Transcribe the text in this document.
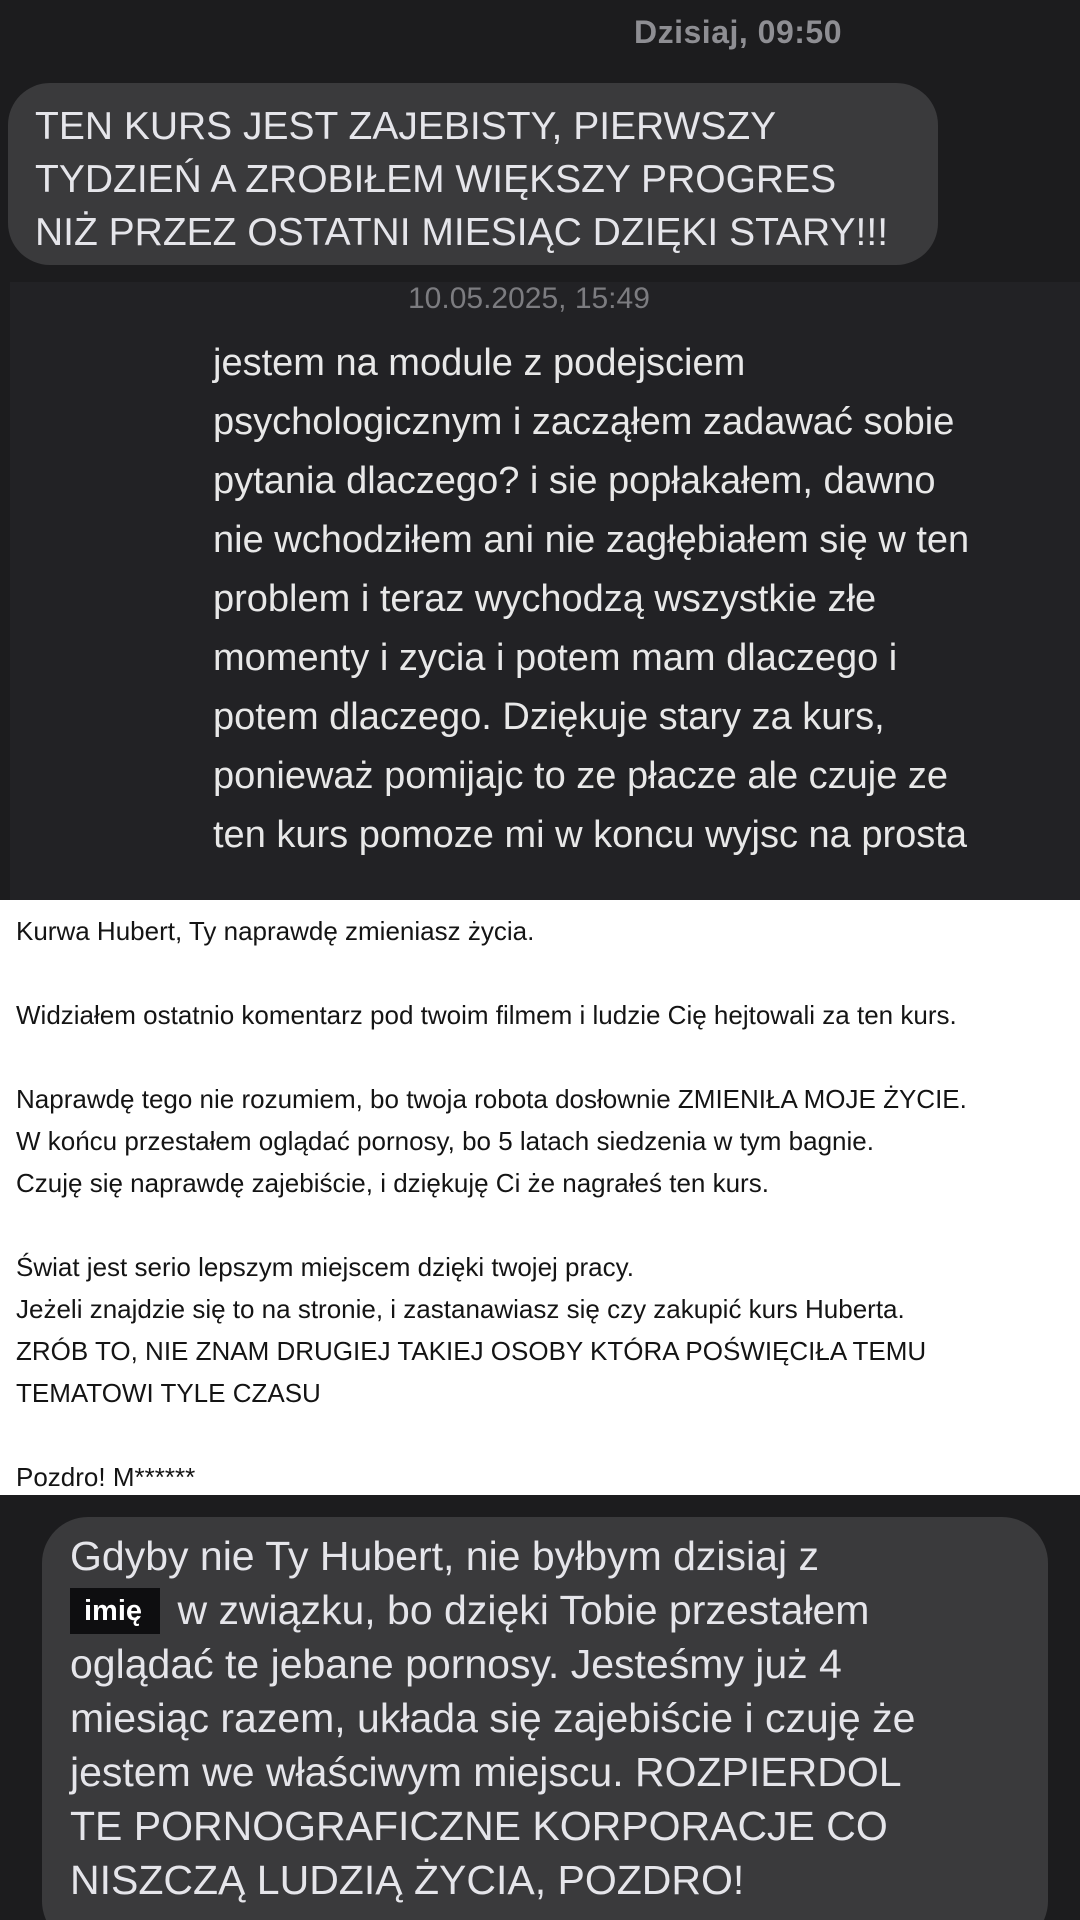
Dzisiaj, 09:50
TEN KURS JEST ZAJEBISTY, PIERWSZY
TYDZIEŃ A ZROBIŁEM WIĘKSZY PROGRES
NIŻ PRZEZ OSTATNI MIESIĄC DZIĘKI STARY!!!
10.05.2025, 15:49
jestem na module z podejsciem
psychologicznym i zacząłem zadawać sobie
pytania dlaczego? i sie popłakałem, dawno
nie wchodziłem ani nie zagłębiałem się w ten
problem i teraz wychodzą wszystkie złe
momenty i zycia i potem mam dlaczego i
potem dlaczego. Dziękuje stary za kurs,
ponieważ pomijajc to ze płacze ale czuje ze
ten kurs pomoze mi w koncu wyjsc na prosta
Kurwa Hubert, Ty naprawdę zmieniasz życia.

Widziałem ostatnio komentarz pod twoim filmem i ludzie Cię hejtowali za ten kurs.

Naprawdę tego nie rozumiem, bo twoja robota dosłownie ZMIENIŁA MOJE ŻYCIE.
W końcu przestałem oglądać pornosy, bo 5 latach siedzenia w tym bagnie.
Czuję się naprawdę zajebiście, i dziękuję Ci że nagrałeś ten kurs.

Świat jest serio lepszym miejscem dzięki twojej pracy.
Jeżeli znajdzie się to na stronie, i zastanawiasz się czy zakupić kurs Huberta.
ZRÓB TO, NIE ZNAM DRUGIEJ TAKIEJ OSOBY KTÓRA POŚWIĘCIŁA TEMU
TEMATOWI TYLE CZASU

Pozdro! M******
Gdyby nie Ty Hubert, nie byłbym dzisiaj z
imię w związku, bo dzięki Tobie przestałem
oglądać te jebane pornosy. Jesteśmy już 4
miesiąc razem, układa się zajebiście i czuję że
jestem we właściwym miejscu. ROZPIERDOL
TE PORNOGRAFICZNE KORPORACJE CO
NISZCZĄ LUDZIĄ ŻYCIA, POZDRO!
